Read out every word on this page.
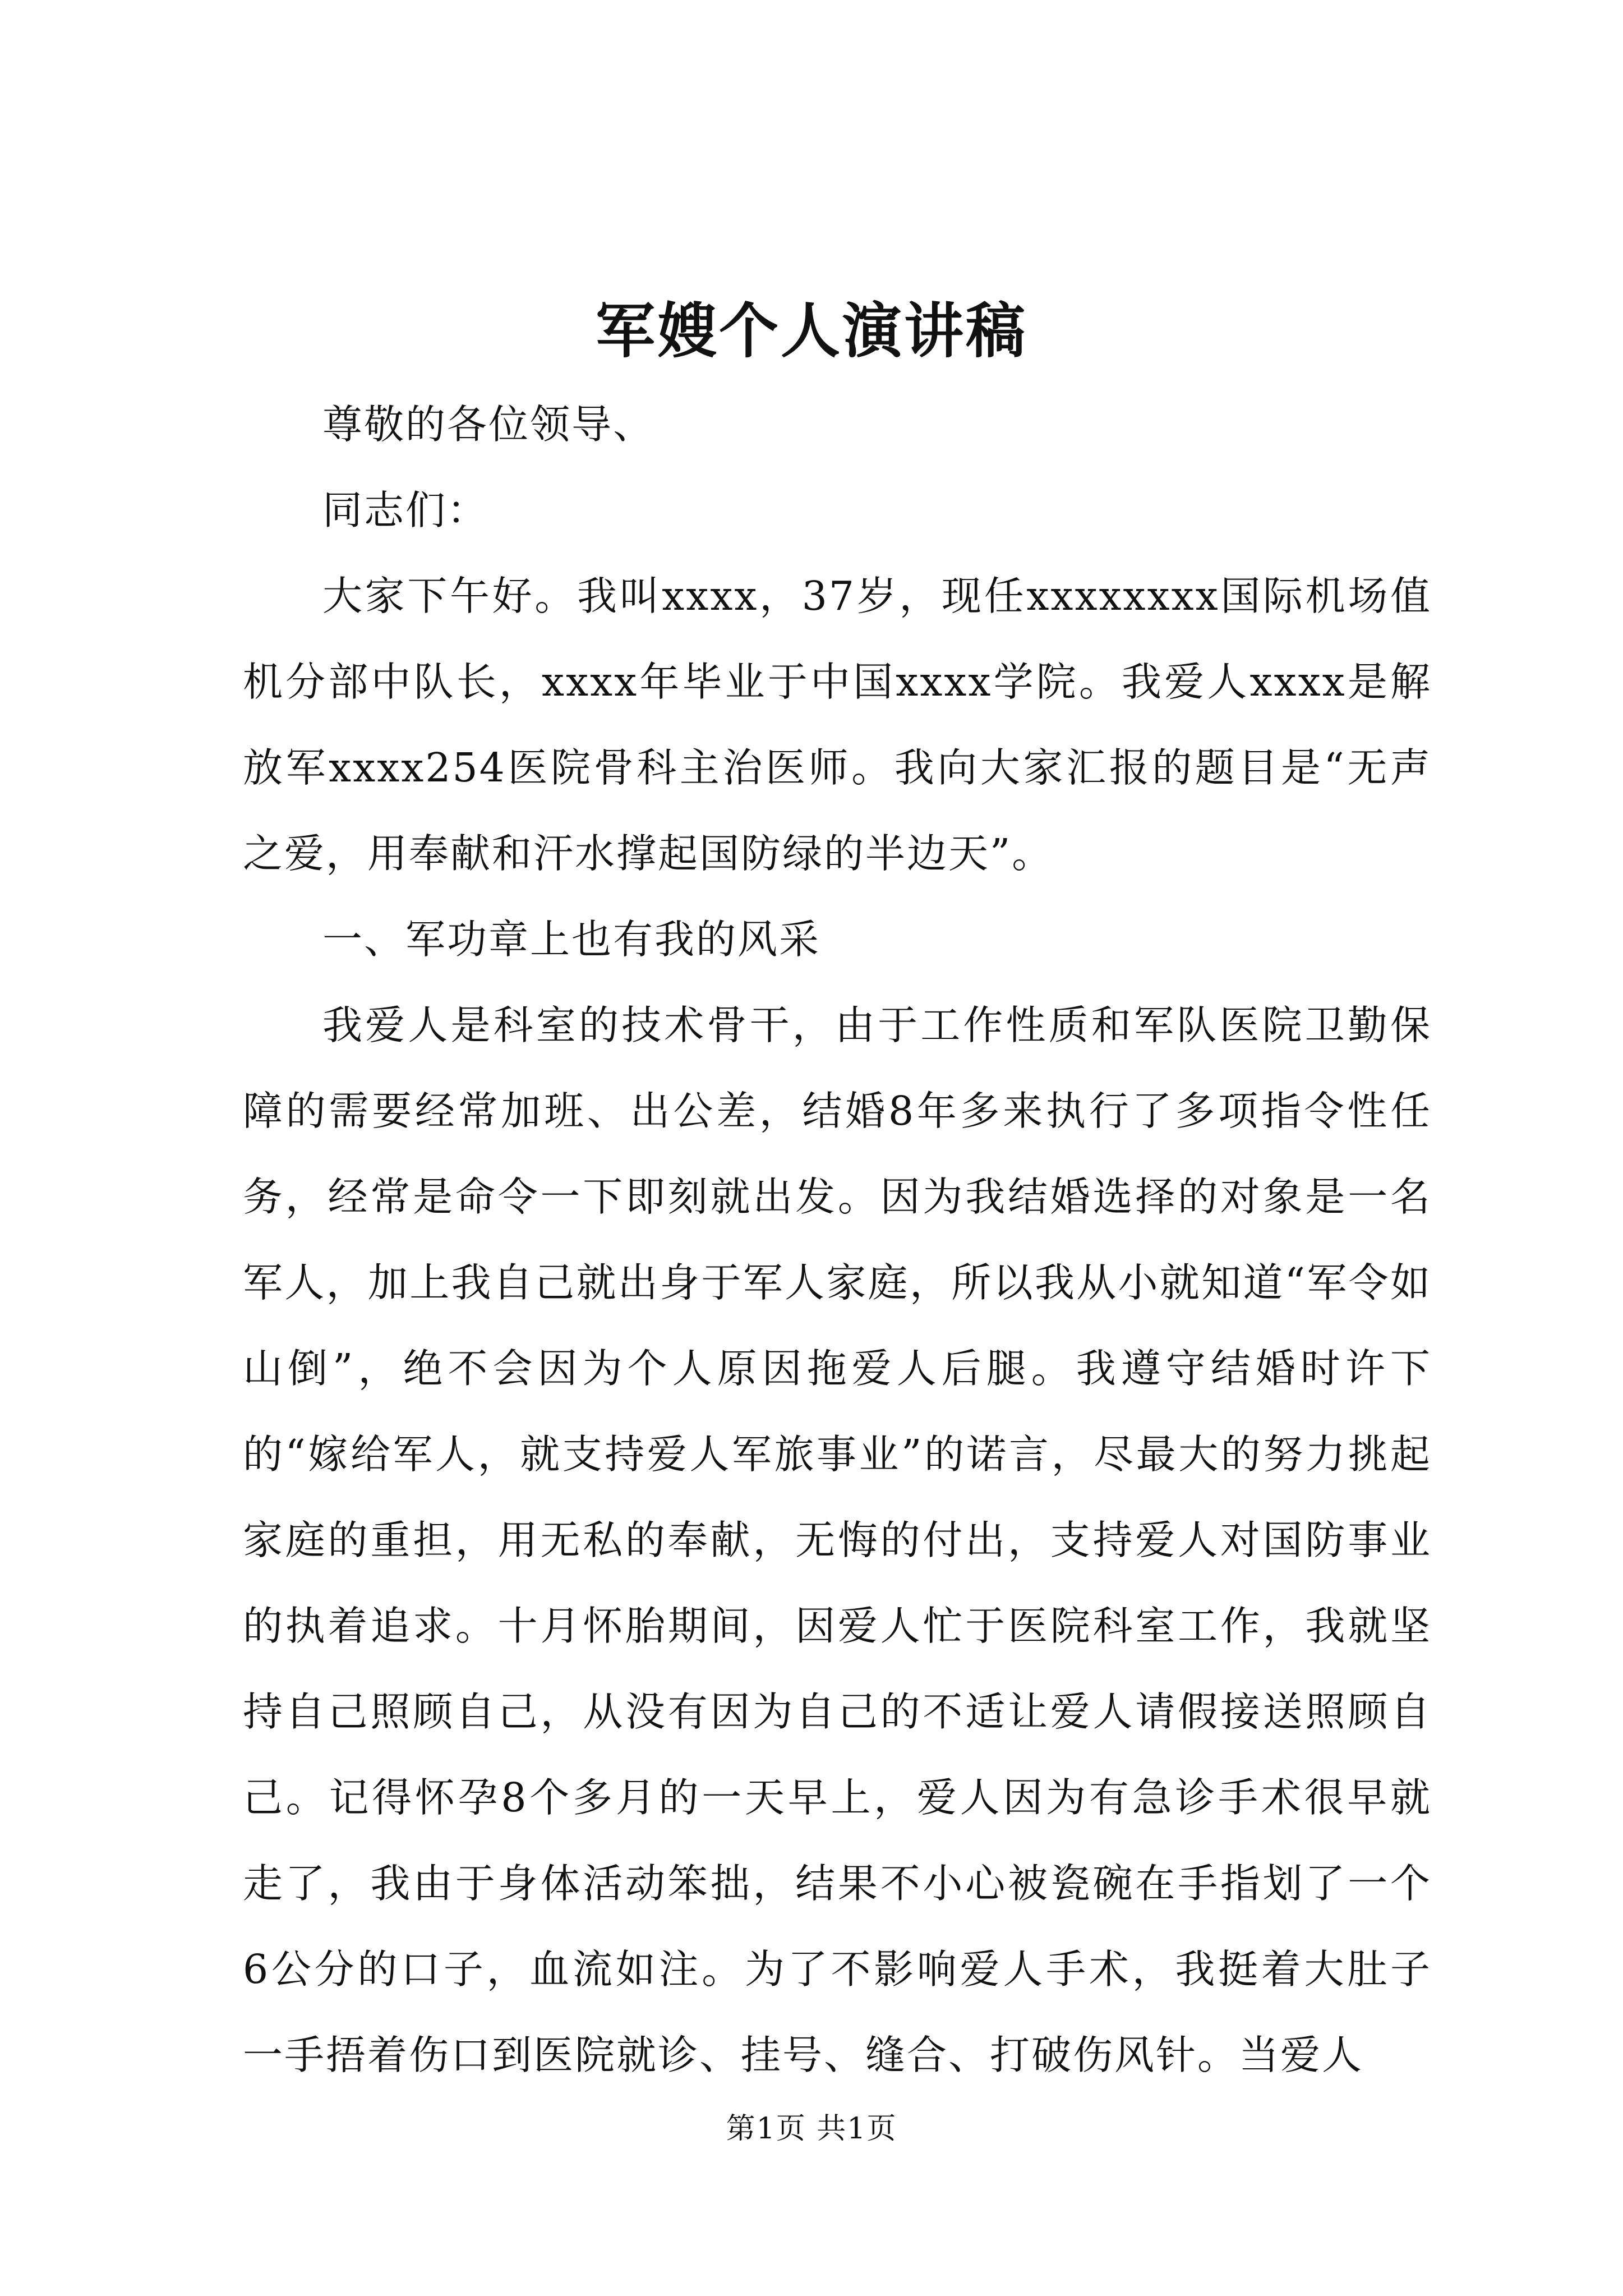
军嫂个人演讲稿

尊敬的各位领导、

同志们：

大家下午好。我叫xxxx，37岁，现任xxxxxxxx国际机场值机分部中队长，xxxx年毕业于中国xxxx学院。我爱人xxxx是解放军xxxx254医院骨科主治医师。我向大家汇报的题目是“无声之爱，用奉献和汗水撑起国防绿的半边天”。

一、军功章上也有我的风采

我爱人是科室的技术骨干，由于工作性质和军队医院卫勤保障的需要经常加班、出公差，结婚8年多来执行了多项指令性任务，经常是命令一下即刻就出发。因为我结婚选择的对象是一名军人，加上我自己就出身于军人家庭，所以我从小就知道“军令如山倒”，绝不会因为个人原因拖爱人后腿。我遵守结婚时许下的“嫁给军人，就支持爱人军旅事业”的诺言，尽最大的努力挑起家庭的重担，用无私的奉献，无悔的付出，支持爱人对国防事业的执着追求。十月怀胎期间，因爱人忙于医院科室工作，我就坚持自己照顾自己，从没有因为自己的不适让爱人请假接送照顾自己。记得怀孕8个多月的一天早上，爱人因为有急诊手术很早就走了，我由于身体活动笨拙，结果不小心被瓷碗在手指划了一个6公分的口子，血流如注。为了不影响爱人手术，我挺着大肚子一手捂着伤口到医院就诊、挂号、缝合、打破伤风针。当爱人

第1页 共1页
